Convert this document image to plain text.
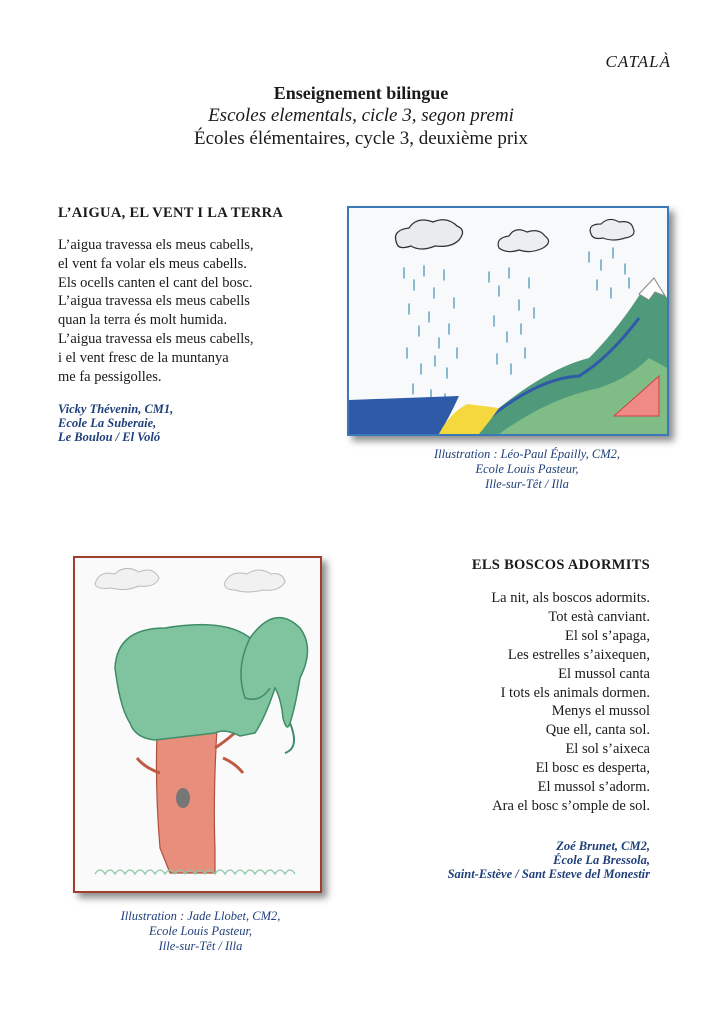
CATALÀ
Enseignement bilingue
Escoles elementals, cicle 3, segon premi
Écoles élémentaires, cycle 3, deuxième prix
L’AIGUA, EL VENT I LA TERRA
L’aigua travessa els meus cabells,
el vent fa volar els meus cabells.
Els ocells canten el cant del bosc.
L’aigua travessa els meus cabells
quan la terra és molt humida.
L’aigua travessa els meus cabells,
i el vent fresc de la muntanya
me fa pessigolles.
Vicky Thévenin, CM1,
Ecole La Suberaie,
Le Boulou / El Voló
Illustration : Léo-Paul Épailly, CM2,
Ecole Louis Pasteur,
Ille-sur-Têt / Illa
Illustration : Jade Llobet, CM2,
Ecole Louis Pasteur,
Ille-sur-Têt / Illa
ELS BOSCOS ADORMITS
La nit, als boscos adormits.
Tot està canviant.
El sol s’apaga,
Les estrelles s’aixequen,
El mussol canta
I tots els animals dormen.
Menys el mussol
Que ell, canta sol.
El sol s’aixeca
El bosc es desperta,
El mussol s’adorm.
Ara el bosc s’omple de sol.
Zoé Brunet, CM2,
École La Bressola,
Saint-Estève / Sant Esteve del Monestir
